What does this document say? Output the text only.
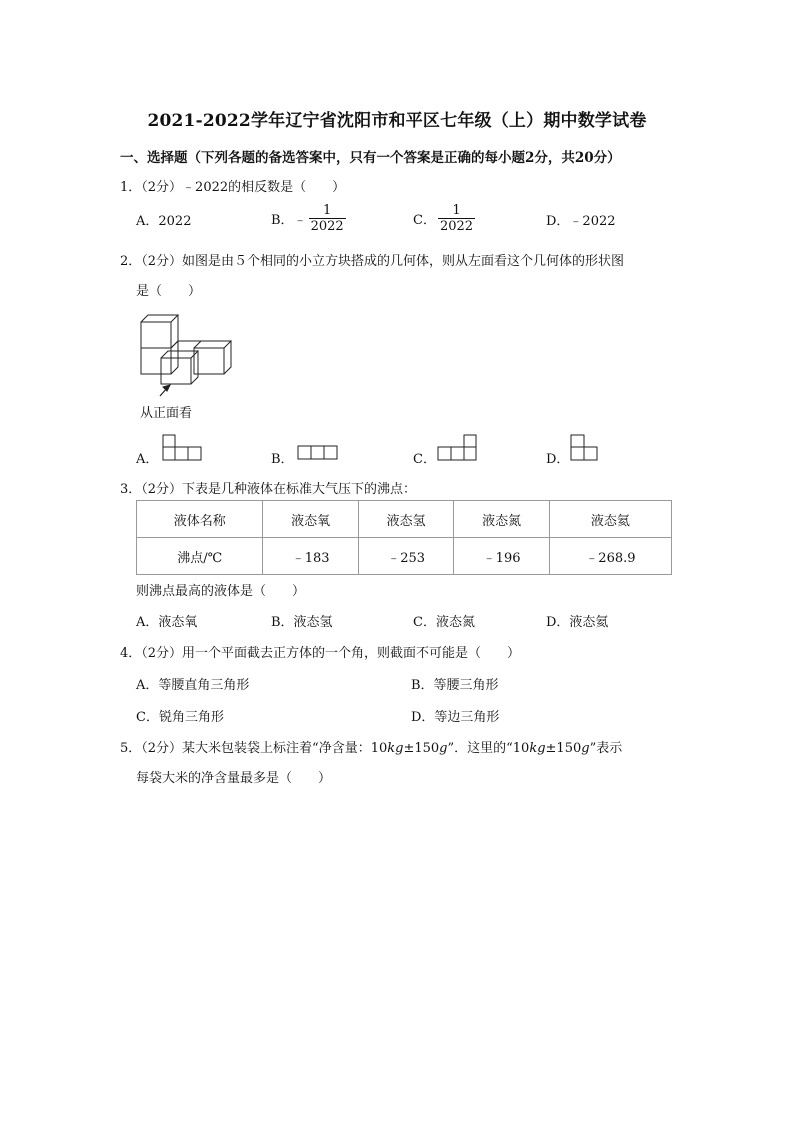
2021-2022学年辽宁省沈阳市和平区七年级（上）期中数学试卷
一、选择题（下列各题的备选答案中，只有一个答案是正确的每小题2分，共20分）
1．（2分）﹣2022的相反数是（　　）
A．2022	B．﹣ $\frac{1}{2022}$	C． $\frac{1}{2022}$	D．﹣2022
2．（2分）如图是由５个相同的小立方块搭成的几何体，则从左面看这个几何体的形状图
是（　　）
从正面看
A．	B．	C．	D．
3．（2分）下表是几种液体在标准大气压下的沸点：
液体名称	液态氧	液态氢	液态氮	液态氦
沸点/℃	﹣183	﹣253	﹣196	﹣268.9
则沸点最高的液体是（　　）
A．液态氧	B．液态氢	C．液态氮	D．液态氦
4．（2分）用一个平面截去正方体的一个角，则截面不可能是（　　）
A．等腰直角三角形	B．等腰三角形
C．锐角三角形	D．等边三角形
5．（2分）某大米包装袋上标注着“净含量：10kg±150g”．这里的“10kg±150g”表示
每袋大米的净含量最多是（　　）
